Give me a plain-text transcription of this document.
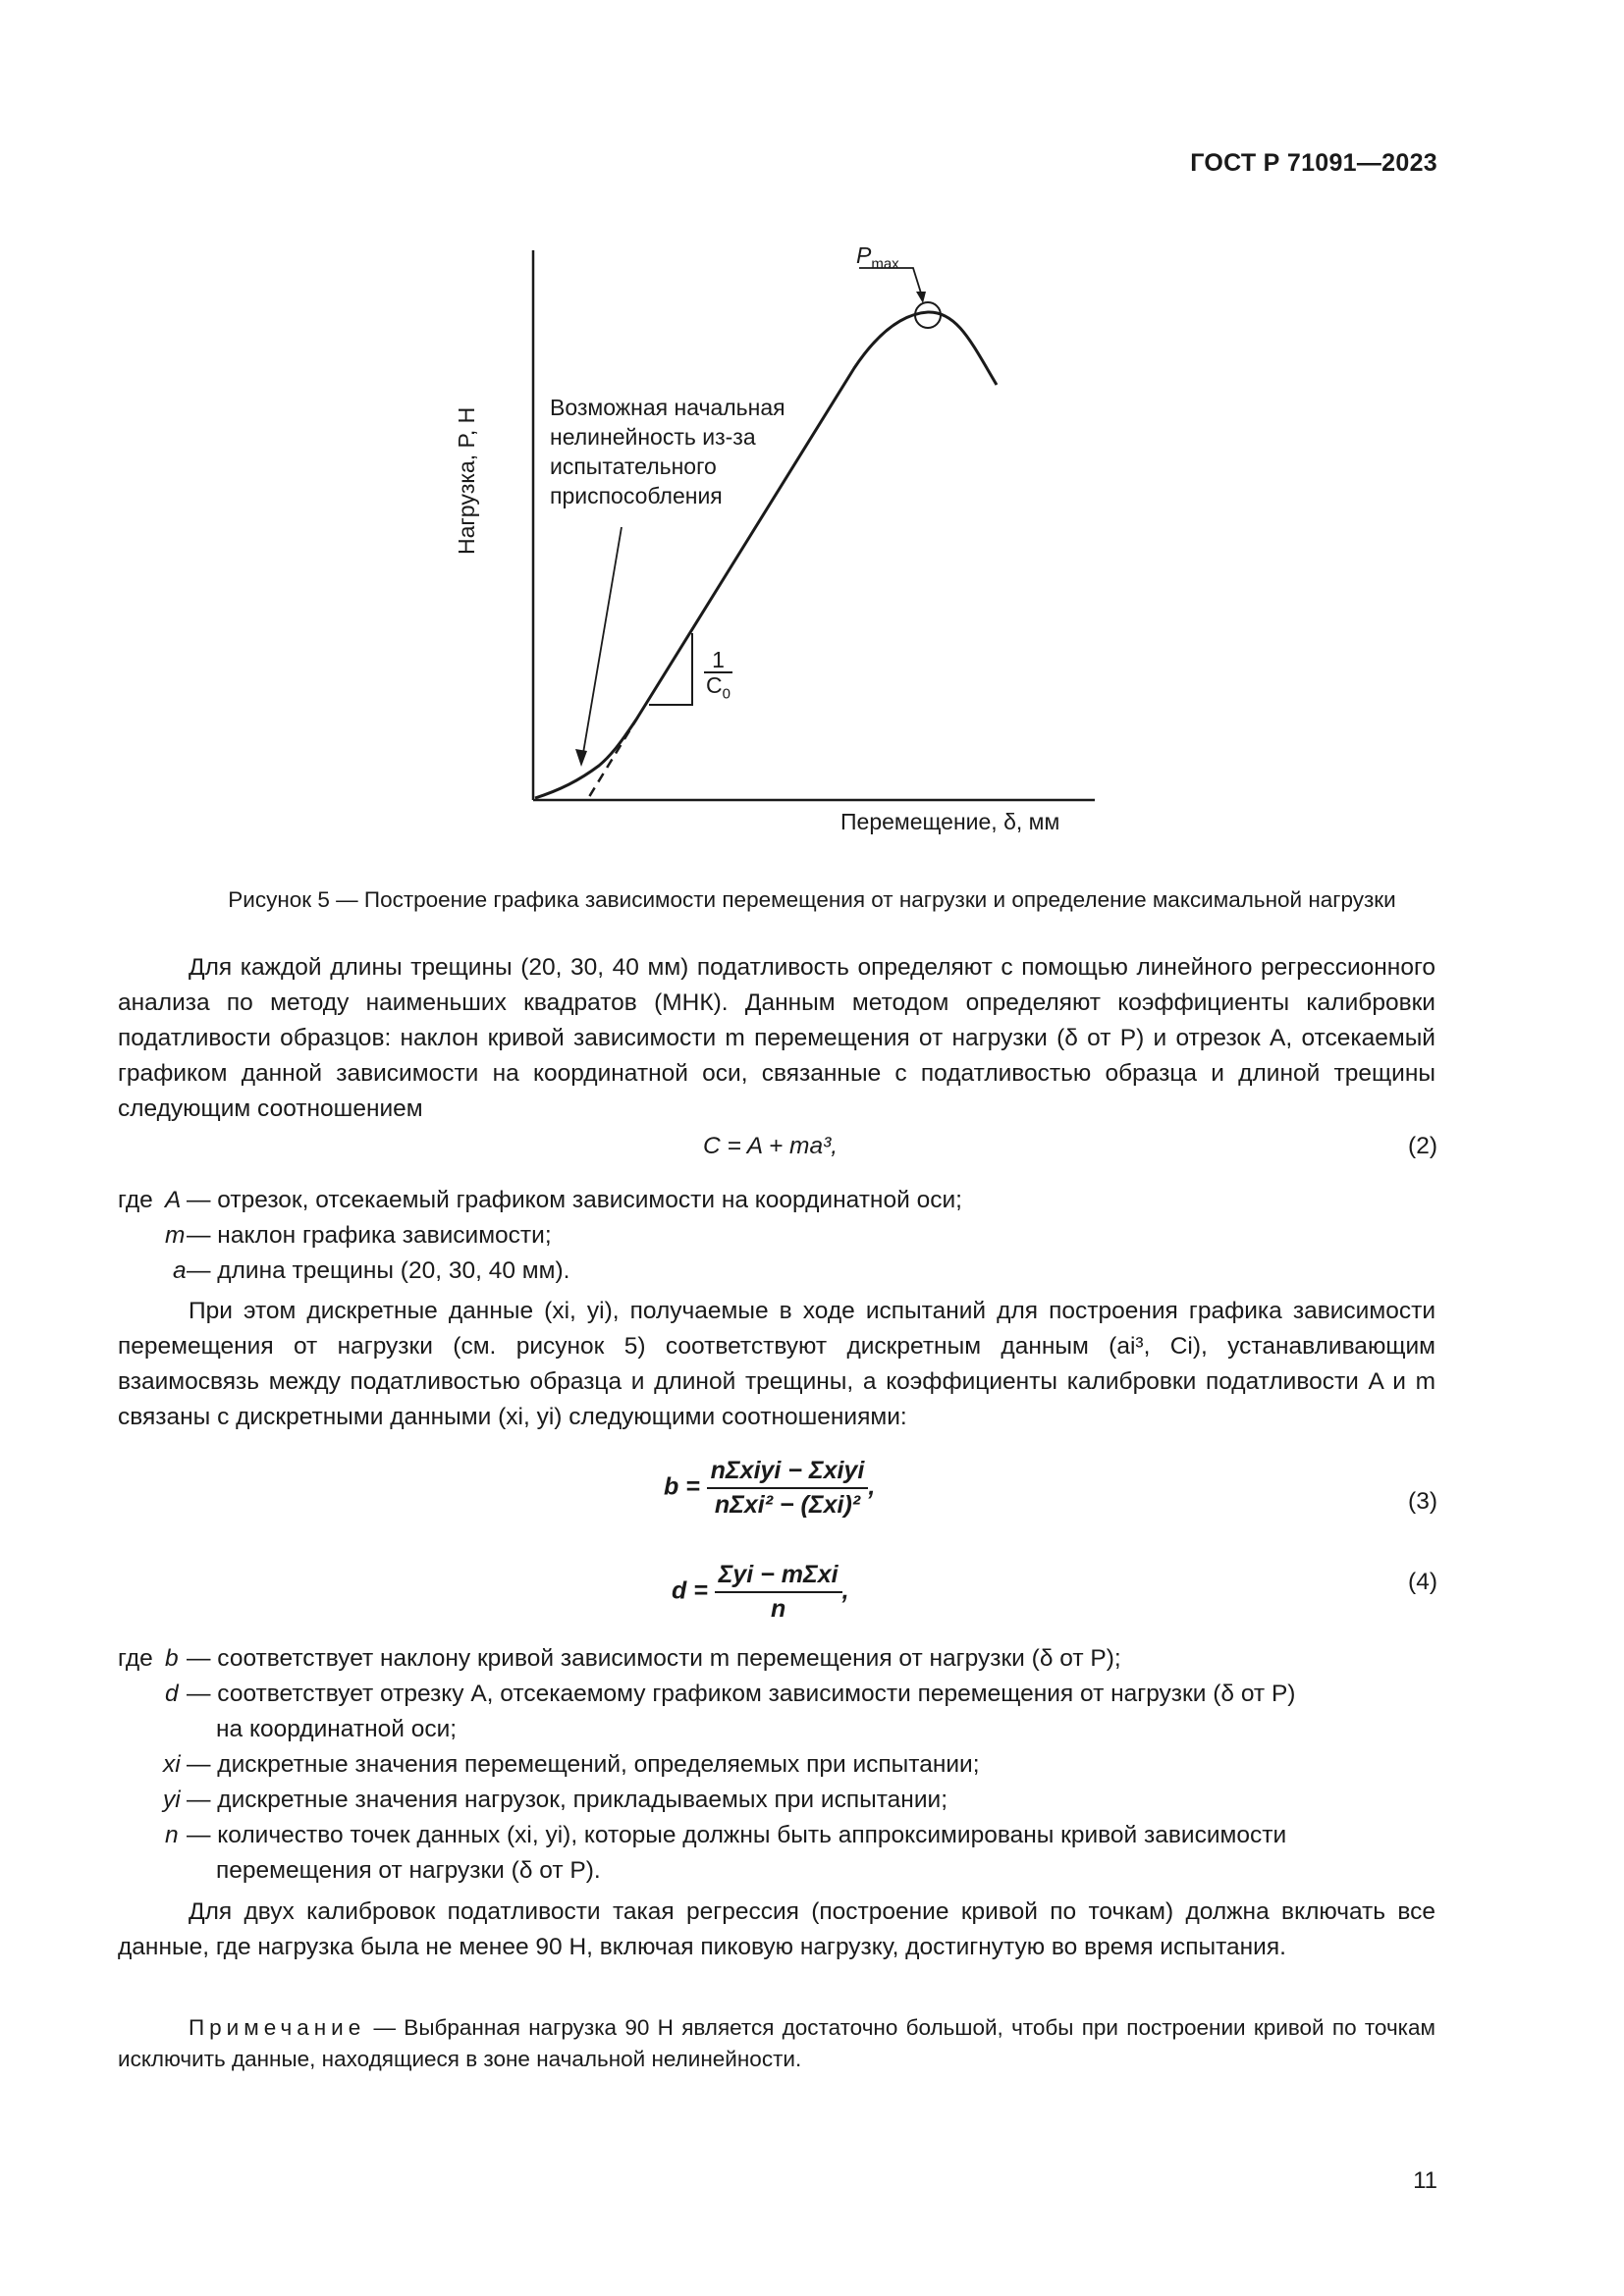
ГОСТ Р 71091—2023
Нагрузка, P, Н
$P_{max}$
Возможная начальная
нелинейность из-за
испытательного
приспособления
1
$C_0$
Перемещение, δ, мм
Рисунок 5 — Построение графика зависимости перемещения от нагрузки и определение максимальной нагрузки

Для каждой длины трещины (20, 30, 40 мм) податливость определяют с помощью линейного регрессионного анализа по методу наименьших квадратов (МНК). Данным методом определяют коэффициенты калибровки податливости образцов: наклон кривой зависимости m перемещения от нагрузки (δ от P) и отрезок A, отсекаемый графиком данной зависимости на координатной оси, связанные с податливостью образца и длиной трещины следующим соотношением

C = A + ma³,	(2)
где A — отрезок, отсекаемый графиком зависимости на координатной оси;
m — наклон графика зависимости;
a — длина трещины (20, 30, 40 мм).

При этом дискретные данные (xi, yi), получаемые в ходе испытаний для построения графика зависимости перемещения от нагрузки (см. рисунок 5) соответствуют дискретным данным (ai³, Ci), устанавливающим взаимосвязь между податливостью образца и длиной трещины, а коэффициенты калибровки податливости A и m связаны с дискретными данными (xi, yi) следующими соотношениями:

$b = \frac{\text{nΣxiyi − Σxiyi}}{\text{nΣxi² − (Σxi)²}}$ ,
(3)
$d = \frac{\text{Σyi − mΣxi}}{n}$ ,	(4)
где b — соответствует наклону кривой зависимости m перемещения от нагрузки (δ от P);
d — соответствует отрезку A, отсекаемому графиком зависимости перемещения от нагрузки (δ от P)
на координатной оси;
xi — дискретные значения перемещений, определяемых при испытании;
yi — дискретные значения нагрузок, прикладываемых при испытании;
n — количество точек данных (xi, yi), которые должны быть аппроксимированы кривой зависимости
перемещения от нагрузки (δ от P).

Для двух калибровок податливости такая регрессия (построение кривой по точкам) должна включать все данные, где нагрузка была не менее 90 Н, включая пиковую нагрузку, достигнутую во время испытания.

Примечание — Выбранная нагрузка 90 Н является достаточно большой, чтобы при построении кривой по точкам исключить данные, находящиеся в зоне начальной нелинейности.
11
